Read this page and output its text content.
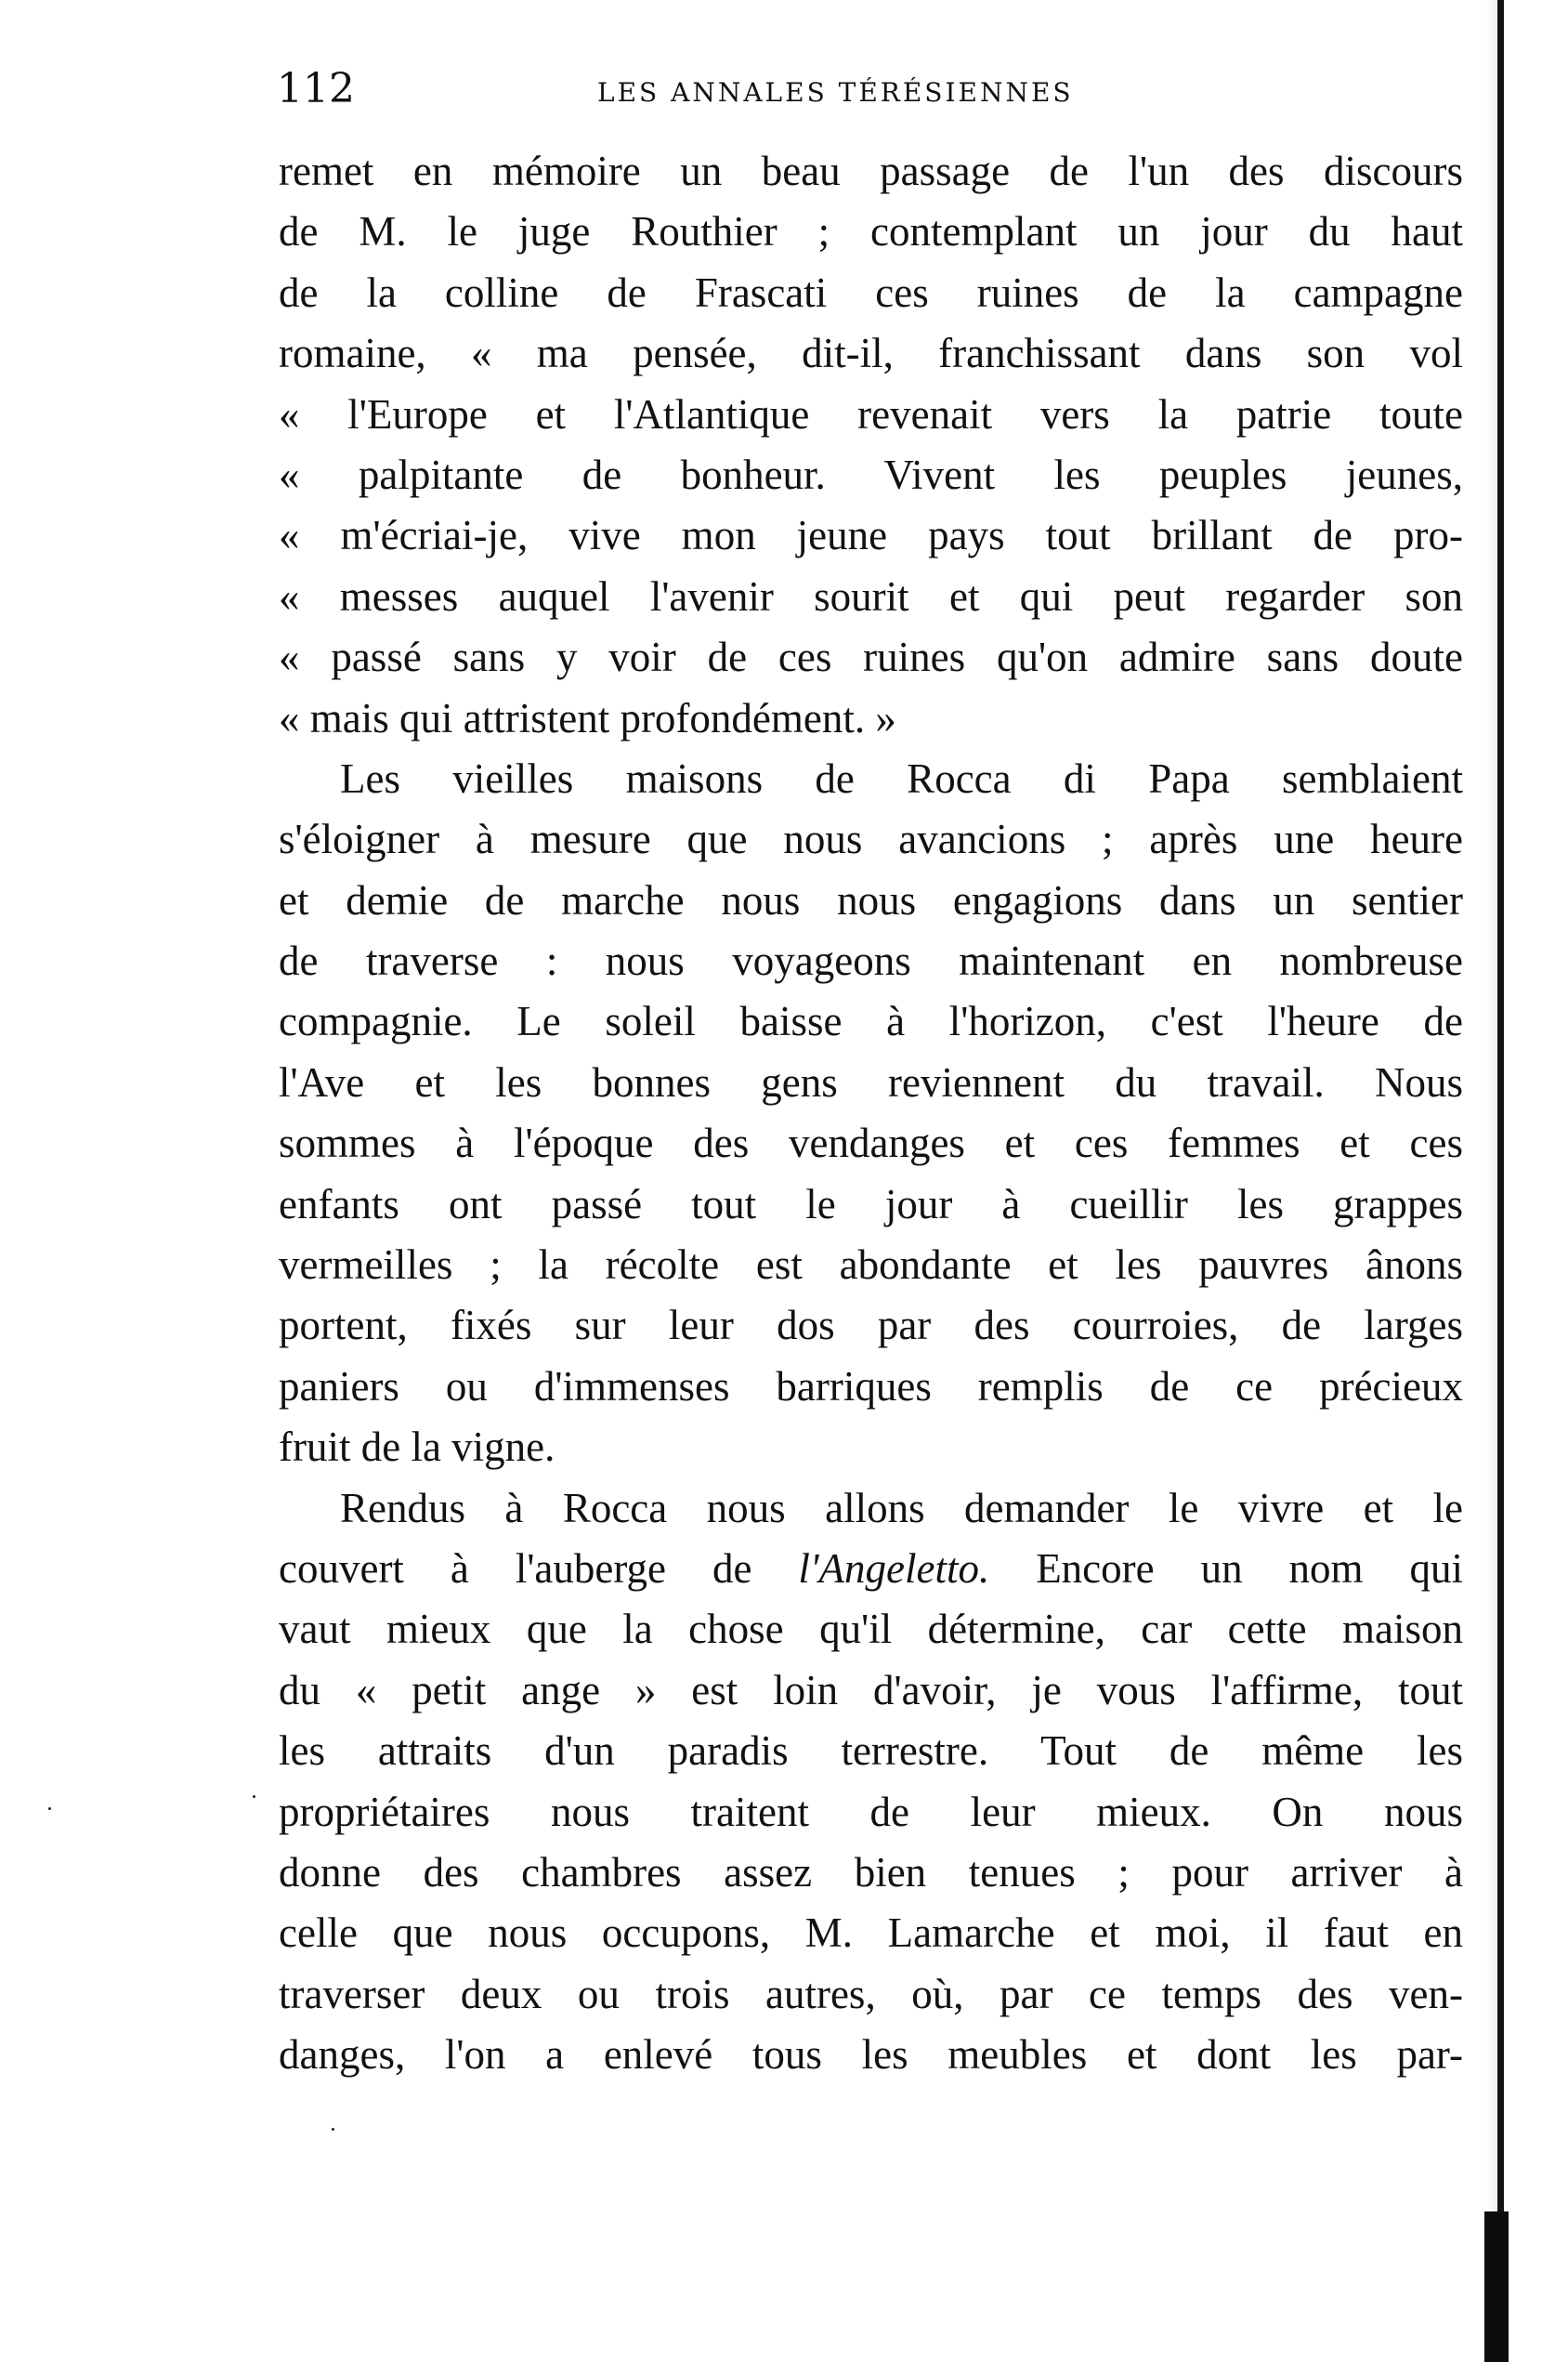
112	LES ANNALES TÉRÉSIENNES
remet en mémoire un beau passage de l'un des discours
de M. le juge Routhier ; contemplant un jour du haut
de la colline de Frascati ces ruines de la campagne
romaine, « ma pensée, dit-il, franchissant dans son vol
« l'Europe et l'Atlantique revenait vers la patrie toute
« palpitante de bonheur. Vivent les peuples jeunes,
« m'écriai-je, vive mon jeune pays tout brillant de pro-
« messes auquel l'avenir sourit et qui peut regarder son
« passé sans y voir de ces ruines qu'on admire sans doute
« mais qui attristent profondément. »
Les vieilles maisons de Rocca di Papa semblaient
s'éloigner à mesure que nous avancions ; après une heure
et demie de marche nous nous engagions dans un sentier
de traverse : nous voyageons maintenant en nombreuse
compagnie. Le soleil baisse à l'horizon, c'est l'heure de
l'Ave et les bonnes gens reviennent du travail. Nous
sommes à l'époque des vendanges et ces femmes et ces
enfants ont passé tout le jour à cueillir les grappes
vermeilles ; la récolte est abondante et les pauvres ânons
portent, fixés sur leur dos par des courroies, de larges
paniers ou d'immenses barriques remplis de ce précieux
fruit de la vigne.
Rendus à Rocca nous allons demander le vivre et le
couvert à l'auberge de l'Angeletto. Encore un nom qui
vaut mieux que la chose qu'il détermine, car cette maison
du « petit ange » est loin d'avoir, je vous l'affirme, tout
les attraits d'un paradis terrestre. Tout de même les
propriétaires nous traitent de leur mieux. On nous
donne des chambres assez bien tenues ; pour arriver à
celle que nous occupons, M. Lamarche et moi, il faut en
traverser deux ou trois autres, où, par ce temps des ven-
danges, l'on a enlevé tous les meubles et dont les par-
